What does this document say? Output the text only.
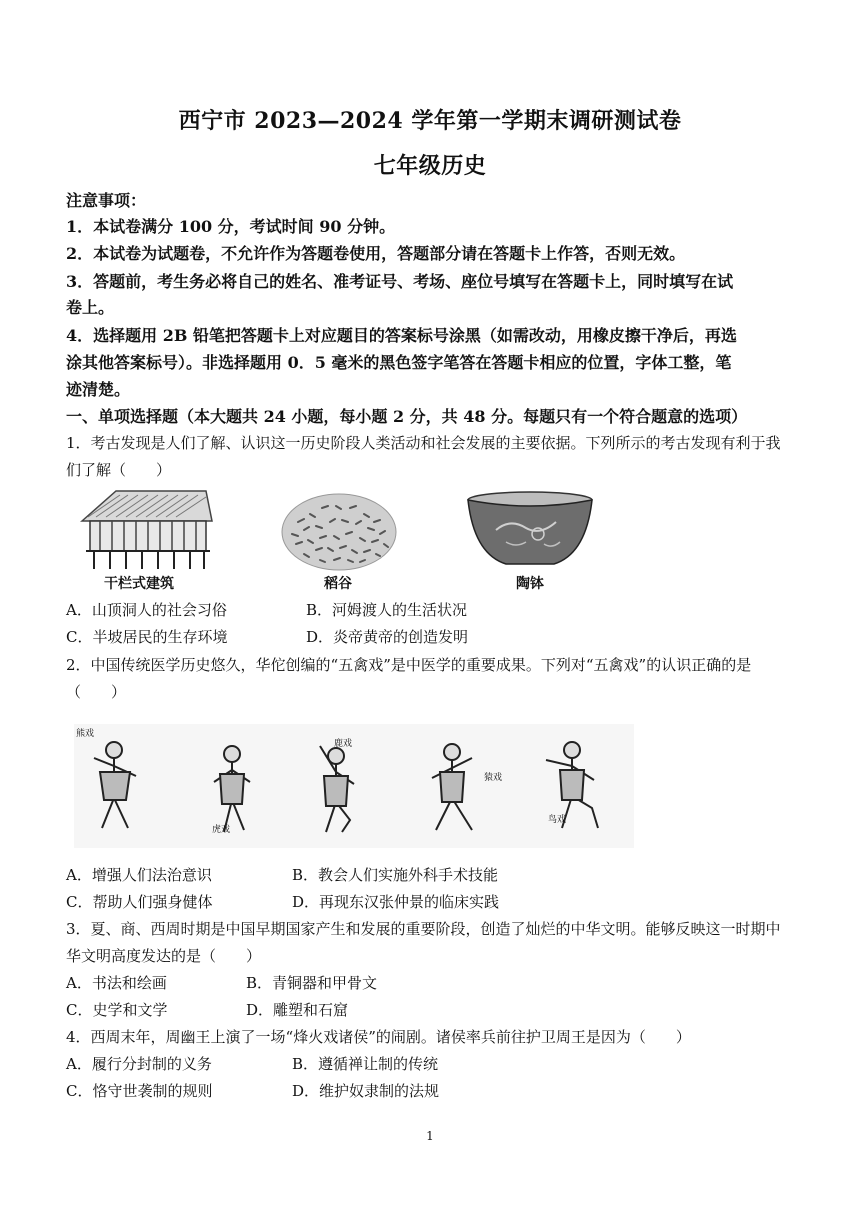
西宁市 2023—2024 学年第一学期末调研测试卷
七年级历史
注意事项：
1．本试卷满分 100 分，考试时间 90 分钟。
2．本试卷为试题卷，不允许作为答题卷使用，答题部分请在答题卡上作答，否则无效。
3．答题前，考生务必将自己的姓名、准考证号、考场、座位号填写在答题卡上，同时填写在试
卷上。
4．选择题用 2B 铅笔把答题卡上对应题目的答案标号涂黑（如需改动，用橡皮擦干净后，再选
涂其他答案标号）。非选择题用 0．5 毫米的黑色签字笔答在答题卡相应的位置，字体工整，笔
迹清楚。
一、单项选择题（本大题共 24 小题，每小题 2 分，共 48 分。每题只有一个符合题意的选项）
1．考古发现是人们了解、认识这一历史阶段人类活动和社会发展的主要依据。下列所示的考古发现有利于我
们了解（　　）
干栏式建筑	稻谷	陶钵
A．山顶洞人的社会习俗	B．河姆渡人的生活状况
C．半坡居民的生存环境	D．炎帝黄帝的创造发明
2．中国传统医学历史悠久，华佗创编的“五禽戏”是中医学的重要成果。下列对“五禽戏”的认识正确的是
（　　）
熊戏
虎戏
鹿戏
猿戏
鸟戏
A．增强人们法治意识	B．教会人们实施外科手术技能
C．帮助人们强身健体	D．再现东汉张仲景的临床实践
3．夏、商、西周时期是中国早期国家产生和发展的重要阶段，创造了灿烂的中华文明。能够反映这一时期中
华文明高度发达的是（　　）
A．书法和绘画	B．青铜器和甲骨文
C．史学和文学	D．雕塑和石窟
4．西周末年，周幽王上演了一场“烽火戏诸侯”的闹剧。诸侯率兵前往护卫周王是因为（　　）
A．履行分封制的义务	B．遵循禅让制的传统
C．恪守世袭制的规则	D．维护奴隶制的法规
1
